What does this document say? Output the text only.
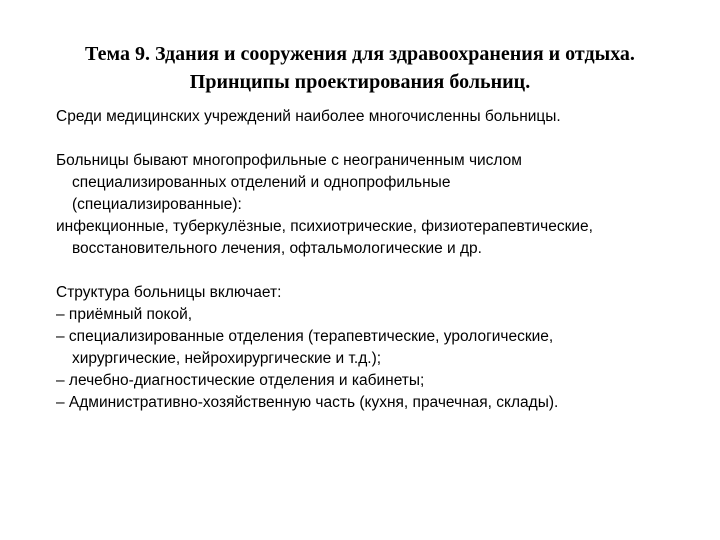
Тема 9. Здания и сооружения для здравоохранения и отдыха.
Принципы проектирования больниц.

Среди медицинских учреждений наиболее многочисленны больницы.

Больницы бывают многопрофильные с неограниченным числом

специализированных отделений и однопрофильные

(специализированные):

инфекционные, туберкулёзные, психиотрические, физиотерапевтические,

восстановительного лечения, офтальмологические и др.

Структура больницы включает:

– приёмный покой,

– специализированные отделения (терапевтические, урологические,

хирургические, нейрохирургические и т.д.);

– лечебно-диагностические отделения и кабинеты;

– Административно-хозяйственную часть (кухня, прачечная, склады).
